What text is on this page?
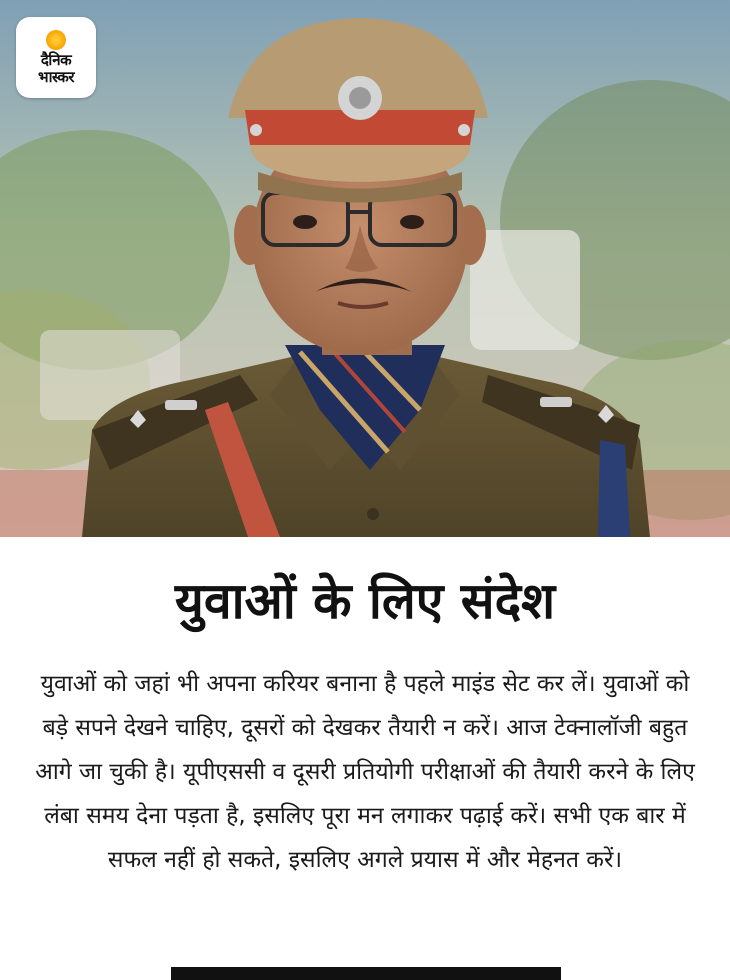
दैनिक
भास्कर
युवाओं के लिए संदेश

युवाओं को जहां भी अपना करियर बनाना है पहले माइंड सेट कर लें। युवाओं को बड़े सपने देखने चाहिए, दूसरों को देखकर तैयारी न करें। आज टेक्नालॉजी बहुत आगे जा चुकी है। यूपीएससी व दूसरी प्रतियोगी परीक्षाओं की तैयारी करने के लिए लंबा समय देना पड़ता है, इसलिए पूरा मन लगाकर पढ़ाई करें। सभी एक बार में सफल नहीं हो सकते, इसलिए अगले प्रयास में और मेहनत करें।
